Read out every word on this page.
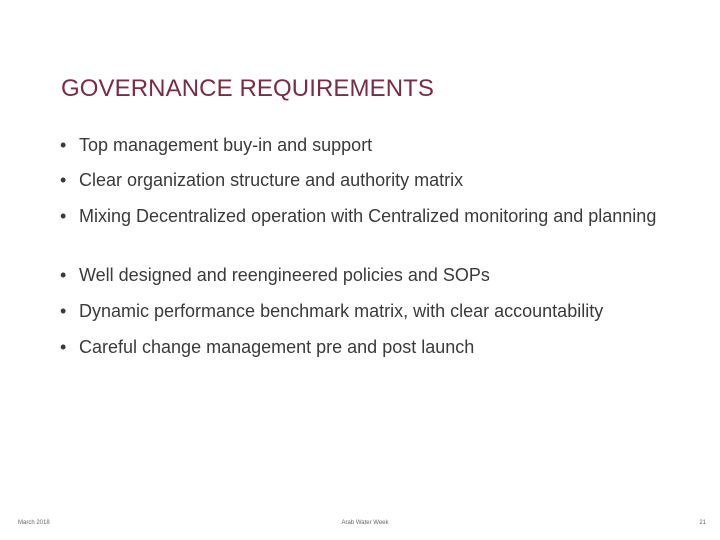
GOVERNANCE REQUIREMENTS
• Top management buy-in and support
• Clear organization structure and authority matrix
• Mixing Decentralized operation with Centralized monitoring and planning
• Well designed and reengineered policies and SOPs
• Dynamic performance benchmark matrix, with clear accountability
• Careful change management pre and post launch
March 2018	Arab Water Week	21
